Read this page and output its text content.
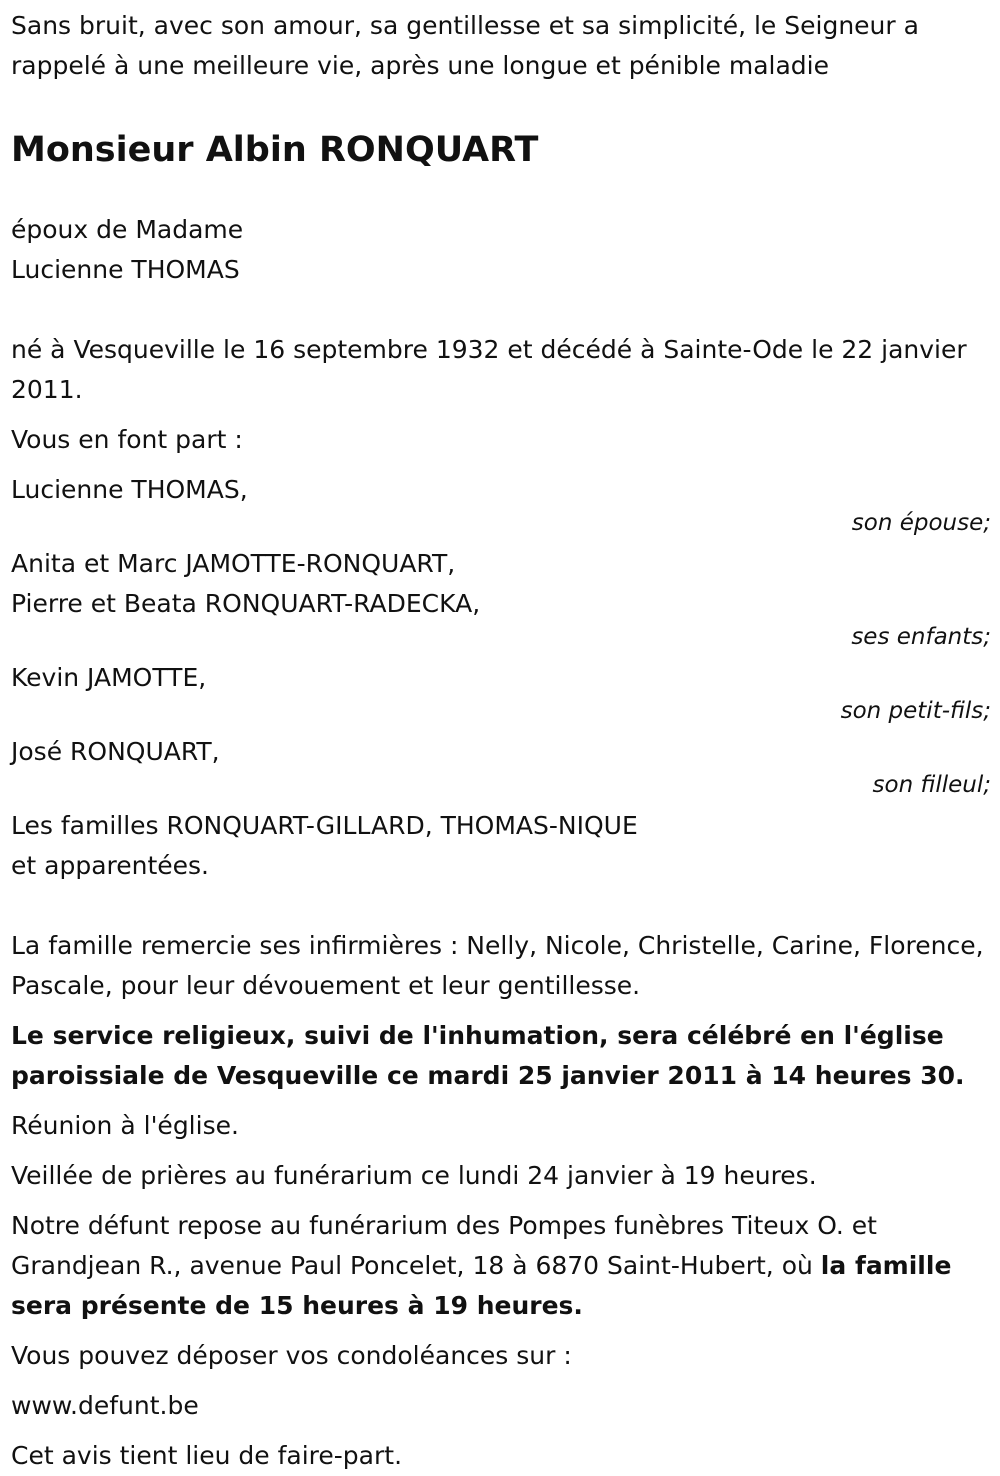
Sans bruit, avec son amour, sa gentillesse et sa simplicité, le Seigneur a rappelé à une meilleure vie, après une longue et pénible maladie

Monsieur Albin RONQUART

époux de Madame

Lucienne THOMAS

né à Vesqueville le 16 septembre 1932 et décédé à Sainte-Ode le 22 janvier 2011.

Vous en font part :

Lucienne THOMAS,

son épouse;

Anita et Marc JAMOTTE-RONQUART,

Pierre et Beata RONQUART-RADECKA,

ses enfants;

Kevin JAMOTTE,

son petit-fils;

José RONQUART,

son filleul;

Les familles RONQUART-GILLARD, THOMAS-NIQUE

et apparentées.

La famille remercie ses infirmières : Nelly, Nicole, Christelle, Carine, Florence, Pascale, pour leur dévouement et leur gentillesse.

Le service religieux, suivi de l'inhumation, sera célébré en l'église paroissiale de Vesqueville ce mardi 25 janvier 2011 à 14 heures 30.

Réunion à l'église.

Veillée de prières au funérarium ce lundi 24 janvier à 19 heures.

Notre défunt repose au funérarium des Pompes funèbres Titeux O. et Grandjean R., avenue Paul Poncelet, 18 à 6870 Saint-Hubert, où la famille sera présente de 15 heures à 19 heures.

Vous pouvez déposer vos condoléances sur :

www.defunt.be

Cet avis tient lieu de faire-part.
